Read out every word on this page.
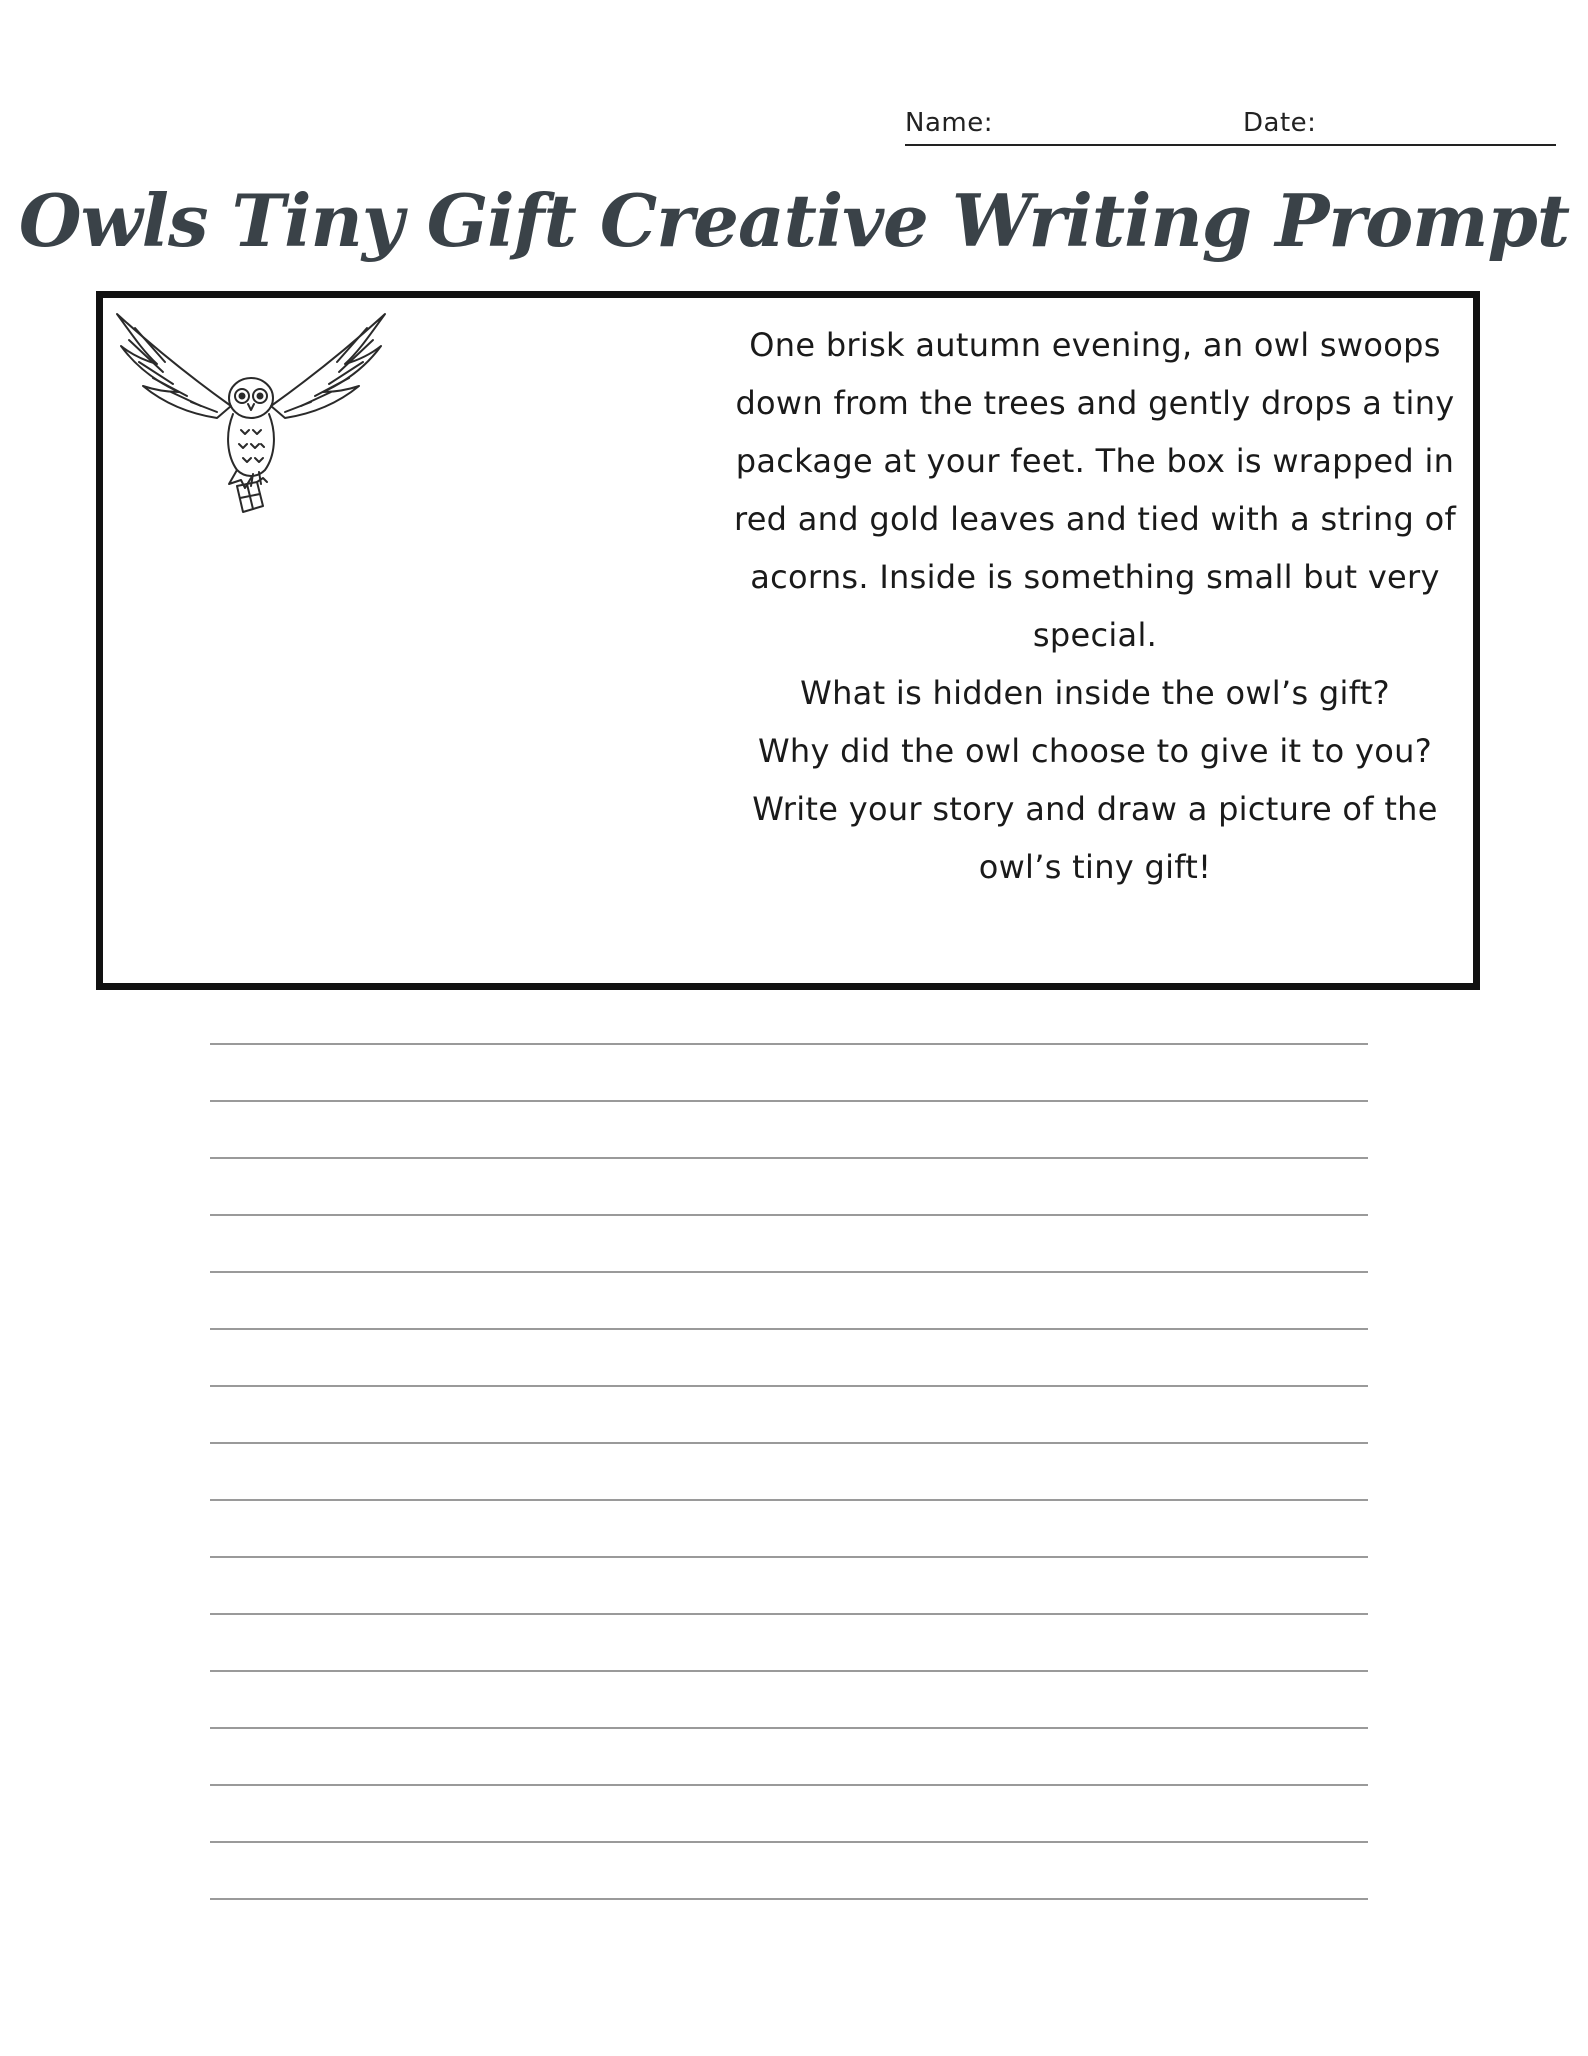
Name:	Date:
Owls Tiny Gift Creative Writing Prompt

One brisk autumn evening, an owl swoops down from the trees and gently drops a tiny package at your feet. The box is wrapped in red and gold leaves and tied with a string of acorns. Inside is something small but very special.

What is hidden inside the owl’s gift?

Why did the owl choose to give it to you?

Write your story and draw a picture of the owl’s tiny gift!
